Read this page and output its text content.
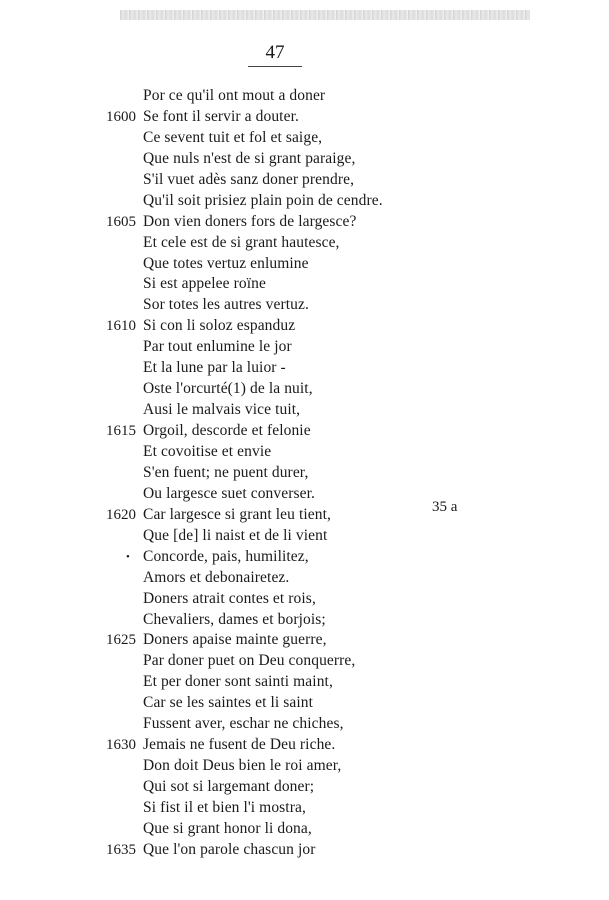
47
Por ce qu'il ont mout a doner
1600 Se font il servir a douter.
Ce sevent tuit et fol et saige,
Que nuls n'est de si grant paraige,
S'il vuet adès sanz doner prendre,
Qu'il soit prisiez plain poin de cendre.
1605 Don vien doners fors de largesce?
Et cele est de si grant hautesce,
Que totes vertuz enlumine
Si est appelee roïne
Sor totes les autres vertuz.
1610 Si con li soloz espanduz
Par tout enlumine le jor
Et la lune par la luior -
Oste l'orcurté(1) de la nuit,
Ausi le malvais vice tuit,
1615 Orgoil, descorde et felonie
Et covoitise et envie
S'en fuent; ne puent durer,
Ou largesce suet converser.
1620 Car largesce si grant leu tient,
Que [de] li naist et de li vient
• Concorde, pais, humilitez,
Amors et debonairetez.
Doners atrait contes et rois,
Chevaliers, dames et borjois;
1625 Doners apaise mainte guerre,
Par doner puet on Deu conquerre,
Et per doner sont sainti maint,
Car se les saintes et li saint
Fussent aver, eschar ne chiches,
1630 Jemais ne fusent de Deu riche.
Don doit Deus bien le roi amer,
Qui sot si largemant doner;
Si fist il et bien l'i mostra,
Que si grant honor li dona,
1635 Que l'on parole chascun jor
35 a
